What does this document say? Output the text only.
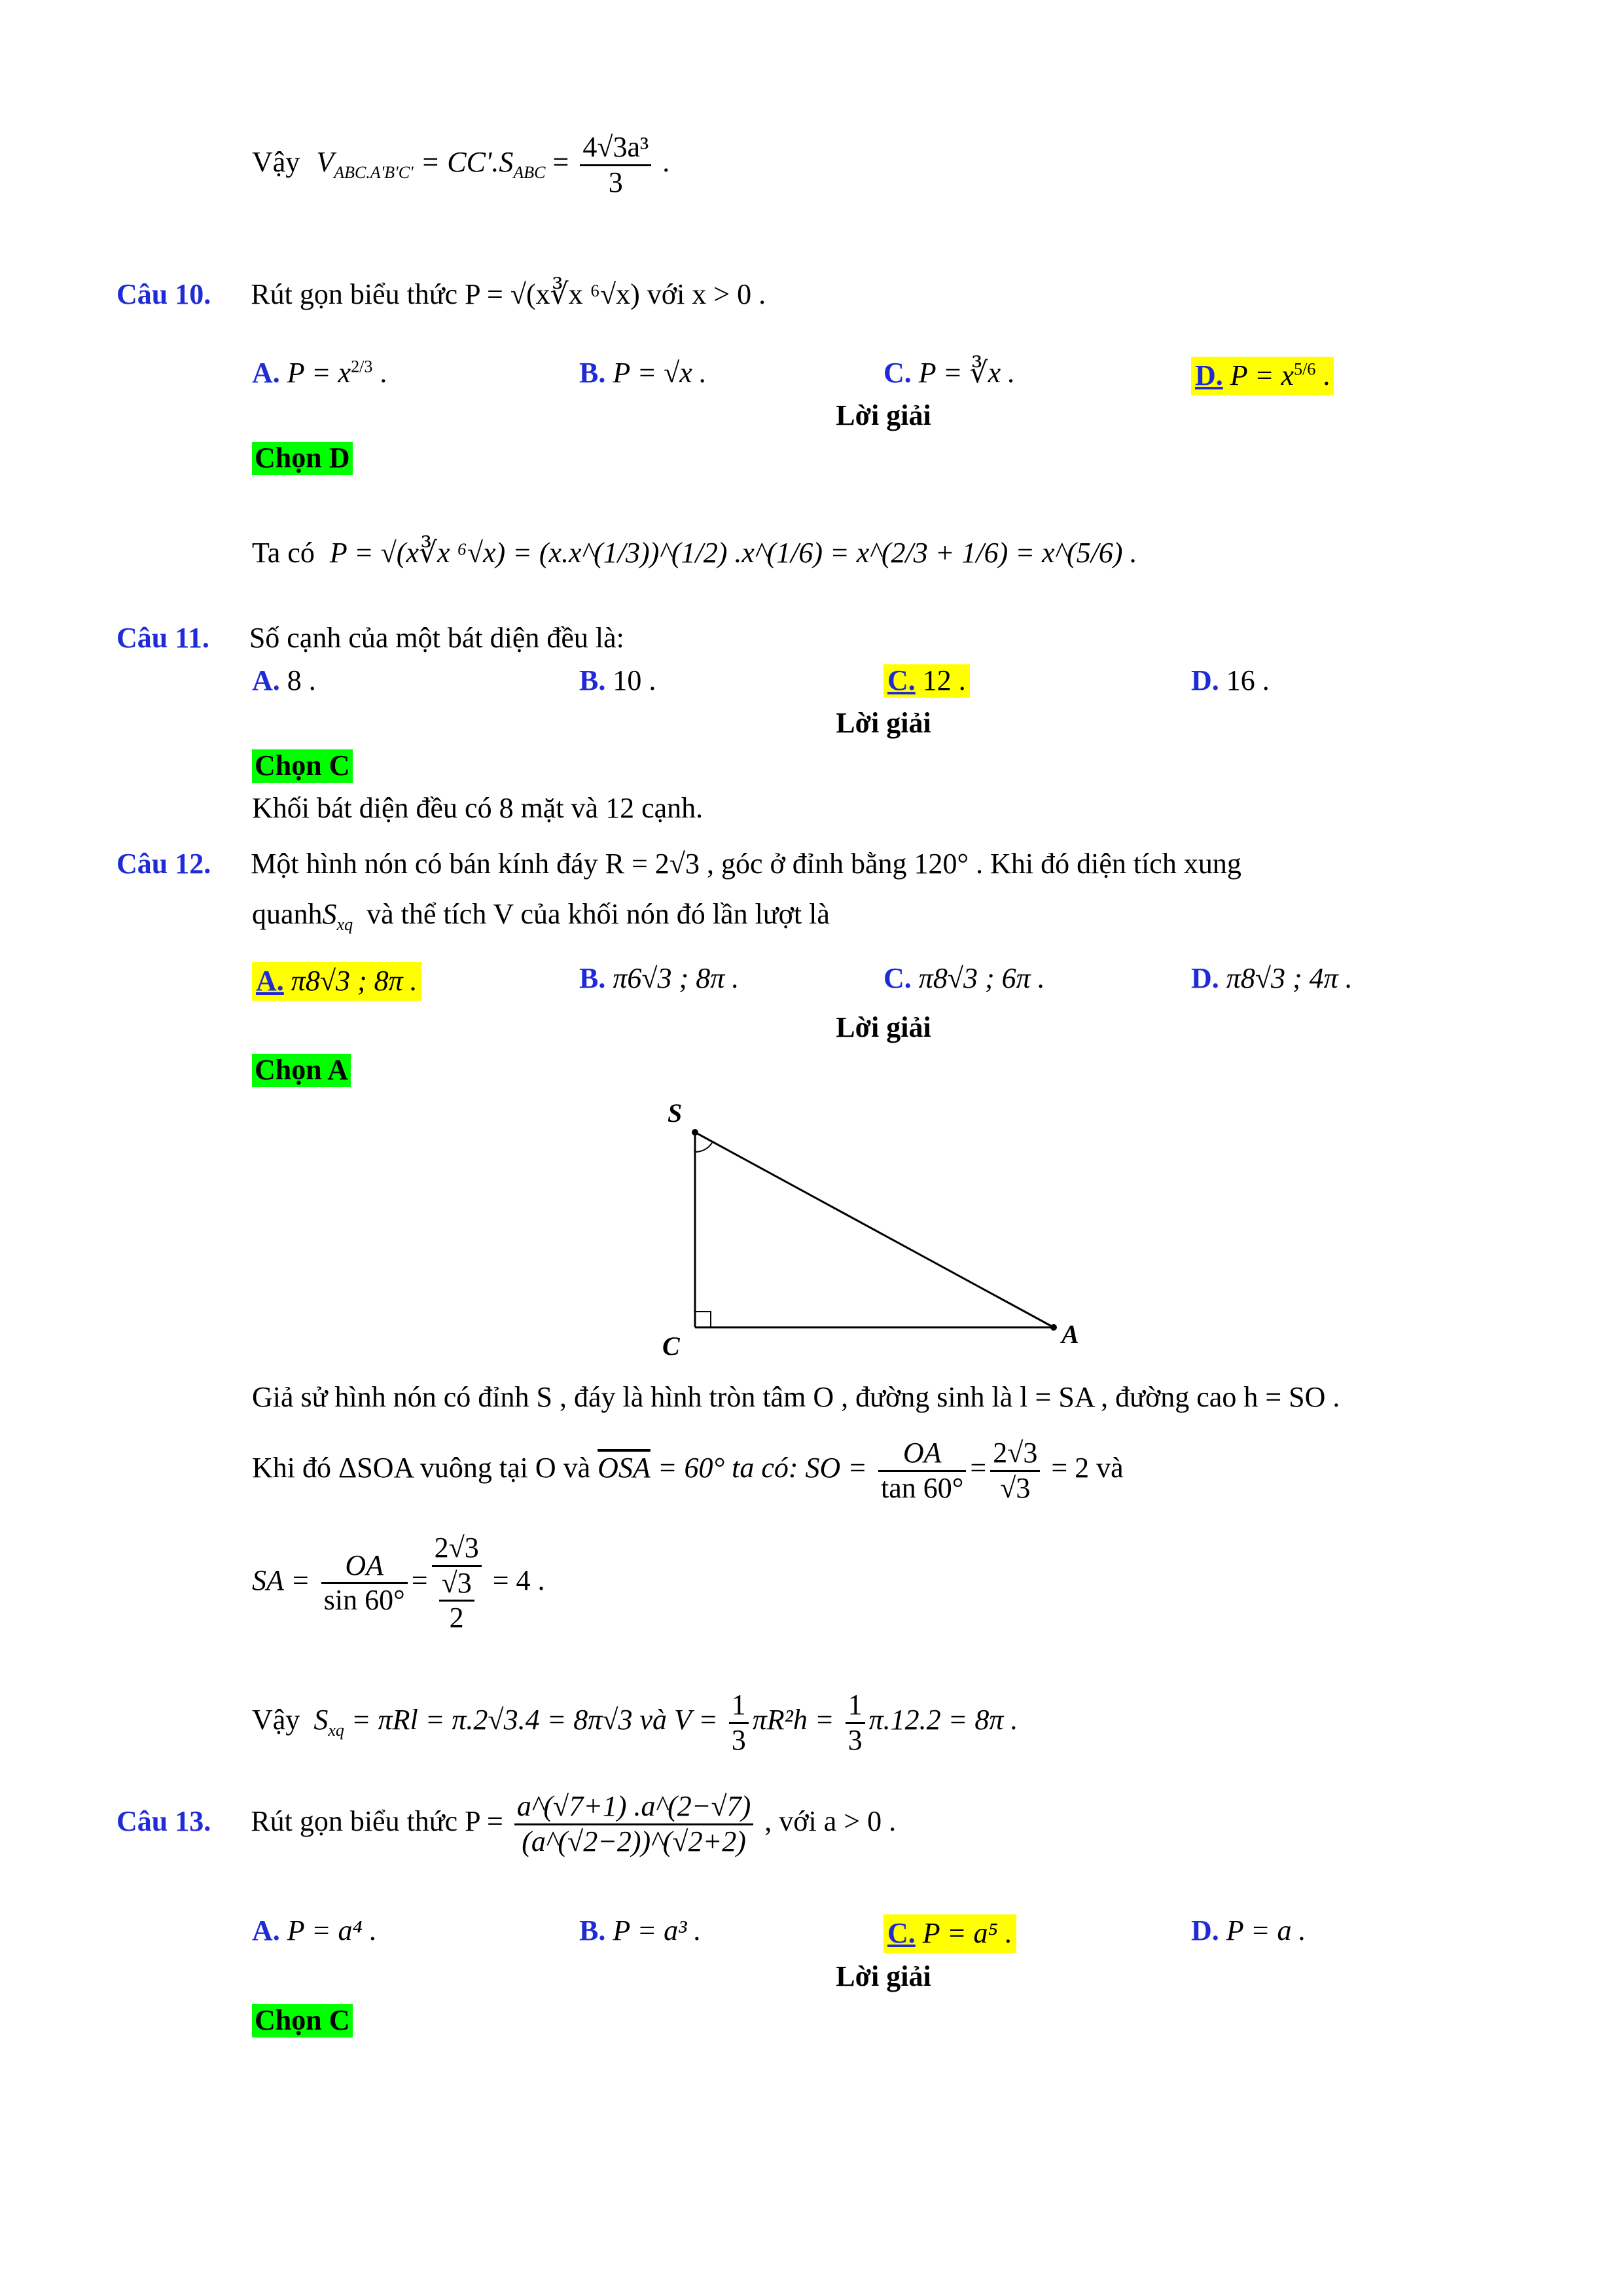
Vậy $V_{ABC.A'B'C'} = CC'.S_{ABC} = \frac{\text{4√3a³}}{3}$ .
Câu 10. Rút gọn biểu thức P = √(x∛x ⁶√x) với x > 0 .
A. $P = x^{2/3}$ .	B. P = √x .	C. P = ∛x .	D. $P = x^{5/6}$ .
Lời giải
Chọn D
Ta có P = √(x∛x ⁶√x) = (x.x^(1/3))^(1/2) .x^(1/6) = x^(2/3 + 1/6) = x^(5/6) .
Câu 11. Số cạnh của một bát diện đều là:
A. 8 .	B. 10 .	C. 12 .	D. 16 .
Lời giải
Chọn C
Khối bát diện đều có 8 mặt và 12 cạnh.
Câu 12. Một hình nón có bán kính đáy R = 2√3 , góc ở đỉnh bằng 120° . Khi đó diện tích xung
quanhS$_{xq}$ và thể tích V của khối nón đó lần lượt là
A. π8√3 ; 8π .	B. π6√3 ; 8π .	C. π8√3 ; 6π .	D. π8√3 ; 4π .
Lời giải
Chọn A
S
C	A
Giả sử hình nón có đỉnh S , đáy là hình tròn tâm O , đường sinh là l = SA , đường cao h = SO .
Khi đó ΔSOA vuông tại O và $\overline{OSA} = 60^\circ$ ta có: SO = $\frac{OA}{\tan 60^\circ} = \frac{2√3}{√3} = 2$ và
SA = $\frac{OA}{\sin 60^\circ} = \frac{2√3}{\frac{√3}{2}} = 4$ .
Vậy $S_{xq} = \pi Rl = \pi.2√3.4 = 8\pi√3$ và $V = \frac{1}{3} \pi R^2h = \frac{1}{3} \pi.12.2 = 8\pi$ .
Câu 13. Rút gọn biểu thức $P = \frac{a\^{}(√7+1) .a\^{}(2-√7)}{(a\^{}(√2-2))\^{}(√2+2)}$ , với a > 0 .
A. P = a⁴ .	B. P = a³ .	C. P = a⁵ .	D. P = a .
Lời giải
Chọn C
